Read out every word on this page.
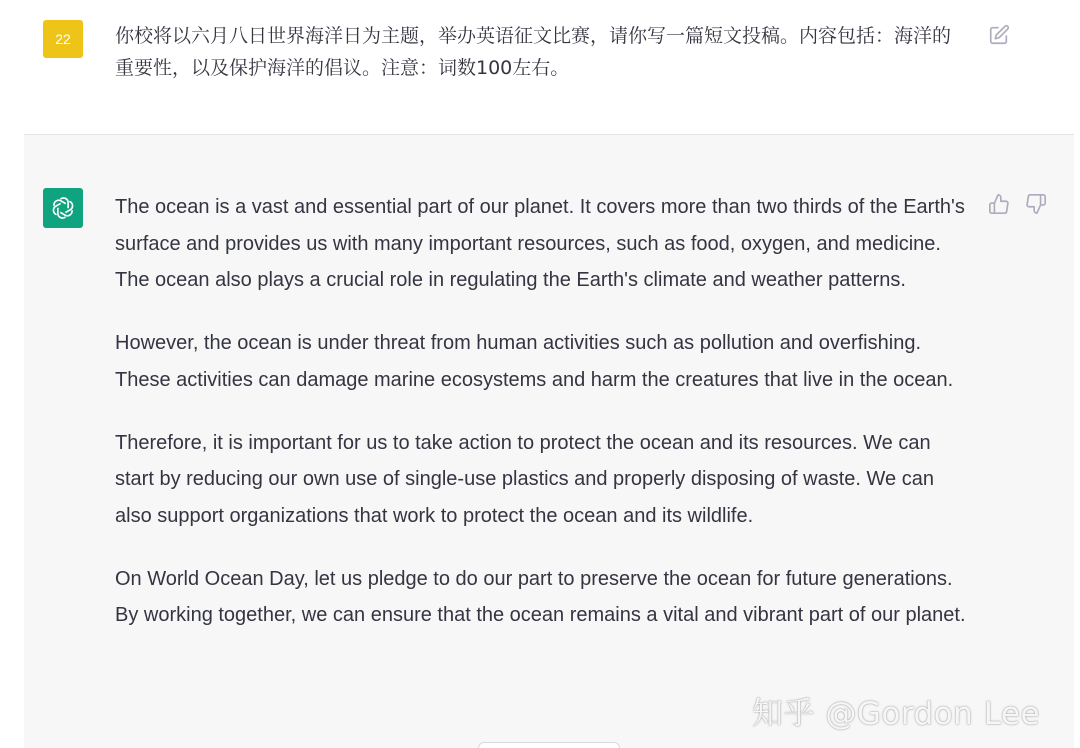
22	你校将以六月八日世界海洋日为主题，举办英语征文比赛，请你写一篇短文投稿。内容包括：海洋的重要性，以及保护海洋的倡议。注意：词数100左右。

The ocean is a vast and essential part of our planet. It covers more than two thirds of the Earth's surface and provides us with many important resources, such as food, oxygen, and medicine. The ocean also plays a crucial role in regulating the Earth's climate and weather patterns.

However, the ocean is under threat from human activities such as pollution and overfishing. These activities can damage marine ecosystems and harm the creatures that live in the ocean.

Therefore, it is important for us to take action to protect the ocean and its resources. We can start by reducing our own use of single-use plastics and properly disposing of waste. We can also support organizations that work to protect the ocean and its wildlife.

On World Ocean Day, let us pledge to do our part to preserve the ocean for future generations. By working together, we can ensure that the ocean remains a vital and vibrant part of our planet.

知乎 @Gordon Lee
